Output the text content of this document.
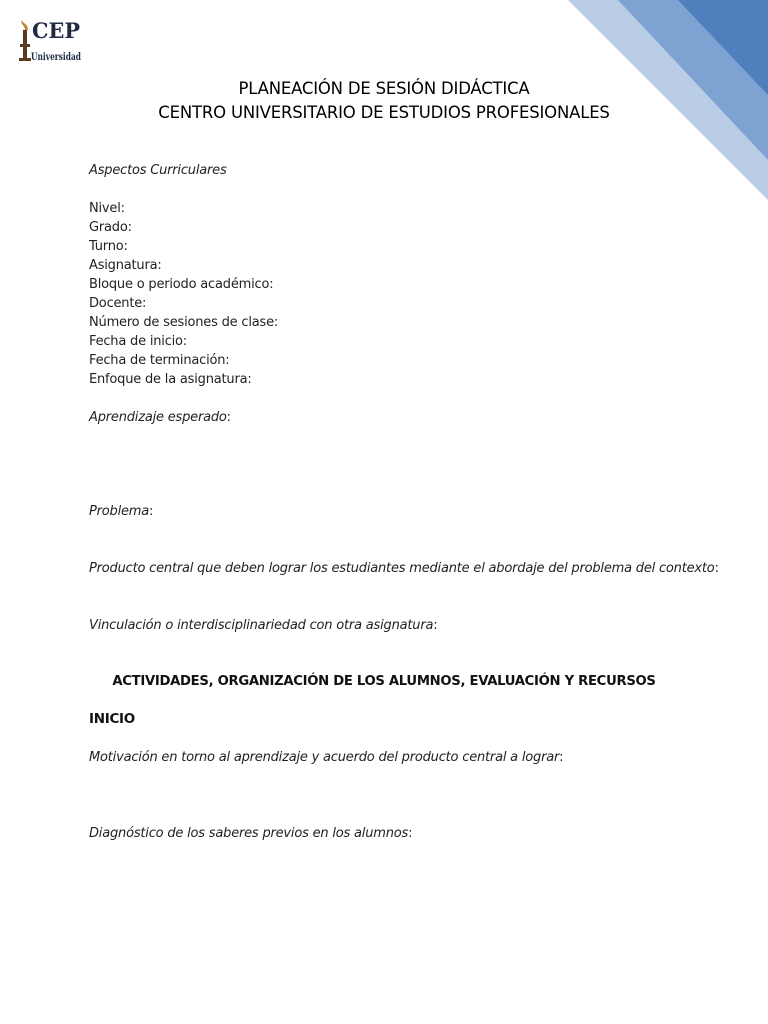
CEP
Universidad
PLANEACIÓN DE SESIÓN DIDÁCTICA
CENTRO UNIVERSITARIO DE ESTUDIOS PROFESIONALES
Aspectos Curriculares
Nivel:
Grado:
Turno:
Asignatura:
Bloque o periodo académico:
Docente:
Número de sesiones de clase:
Fecha de inicio:
Fecha de terminación:
Enfoque de la asignatura:
Aprendizaje esperado:
Problema:
Producto central que deben lograr los estudiantes mediante el abordaje del problema del contexto:
Vinculación o interdisciplinariedad con otra asignatura:
ACTIVIDADES, ORGANIZACIÓN DE LOS ALUMNOS, EVALUACIÓN Y RECURSOS
INICIO
Motivación en torno al aprendizaje y acuerdo del producto central a lograr:
Diagnóstico de los saberes previos en los alumnos:
